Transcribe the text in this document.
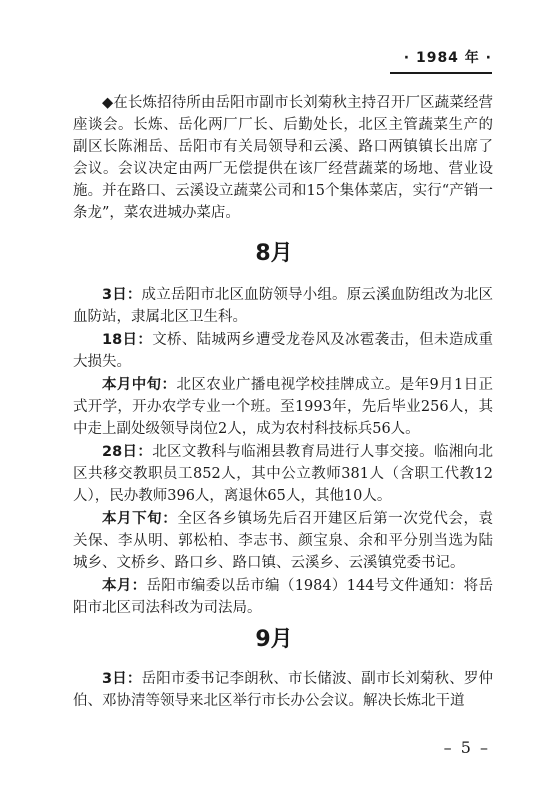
· 1984 年 ·

◆在长炼招待所由岳阳市副市长刘菊秋主持召开厂区蔬菜经营座谈会。长炼、岳化两厂厂长、后勤处长，北区主管蔬菜生产的副区长陈湘岳、岳阳市有关局领导和云溪、路口两镇镇长出席了会议。会议决定由两厂无偿提供在该厂经营蔬菜的场地、营业设施。并在路口、云溪设立蔬菜公司和15个集体菜店，实行“产销一条龙”，菜农进城办菜店。

8月

3日：成立岳阳市北区血防领导小组。原云溪血防组改为北区血防站，隶属北区卫生科。

18日：文桥、陆城两乡遭受龙卷风及冰雹袭击，但未造成重大损失。

本月中旬：北区农业广播电视学校挂牌成立。是年9月1日正式开学，开办农学专业一个班。至1993年，先后毕业256人，其中走上副处级领导岗位2人，成为农村科技标兵56人。

28日：北区文教科与临湘县教育局进行人事交接。临湘向北区共移交教职员工852人，其中公立教师381人（含职工代教12人），民办教师396人，离退休65人，其他10人。

本月下旬：全区各乡镇场先后召开建区后第一次党代会，袁关保、李从明、郭松柏、李志书、颜宝泉、余和平分别当选为陆城乡、文桥乡、路口乡、路口镇、云溪乡、云溪镇党委书记。

本月：岳阳市编委以岳市编（1984）144号文件通知：将岳阳市北区司法科改为司法局。

9月

3日：岳阳市委书记李朗秋、市长储波、副市长刘菊秋、罗仲伯、邓协清等领导来北区举行市长办公会议。解决长炼北干道

– 5 –
